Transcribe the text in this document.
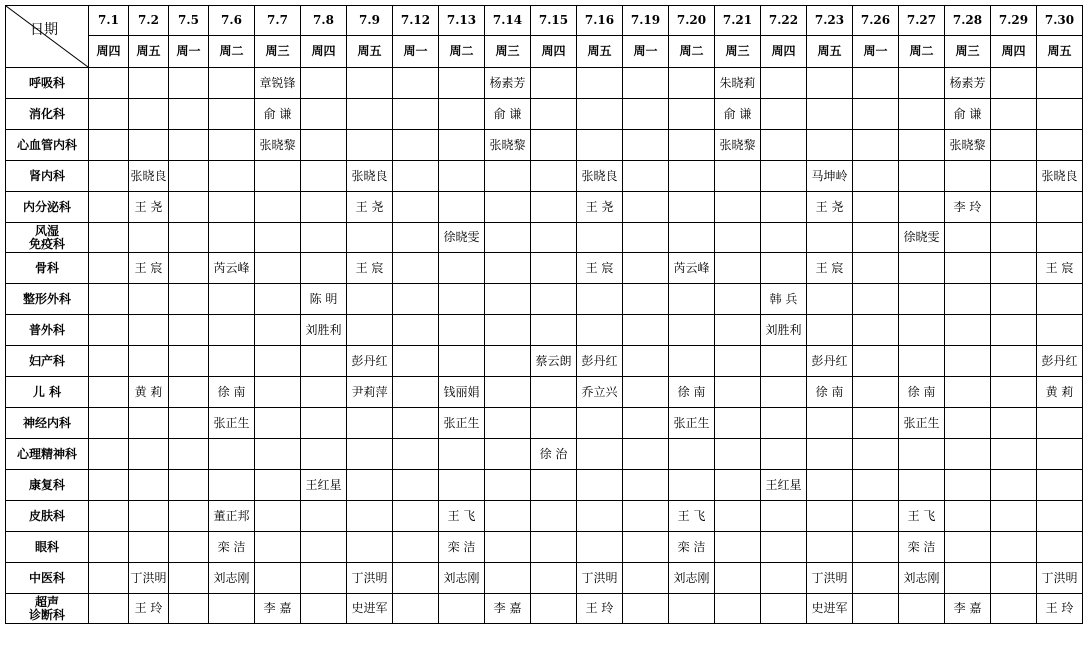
日期	7.1	7.2	7.5	7.6	7.7	7.8	7.9	7.12	7.13	7.14	7.15	7.16	7.19	7.20	7.21	7.22	7.23	7.26	7.27	7.28	7.29	7.30
	周四	周五	周一	周二	周三	周四	周五	周一	周二	周三	周四	周五	周一	周二	周三	周四	周五	周一	周二	周三	周四	周五

呼吸科					章锐锋					杨素芳					朱晓莉					杨素芳		

消化科					俞 谦					俞 谦					俞 谦					俞 谦		

心血管内科					张晓黎					张晓黎					张晓黎					张晓黎		

肾内科		张晓良					张晓良					张晓良					马坤岭					张晓良

内分泌科		王 尧					王 尧					王 尧					王 尧			李 玲		

风湿
免疫科									徐晓雯										徐晓雯			

骨科		王 宸		芮云峰			王 宸					王 宸		芮云峰			王 宸					王 宸

整形外科						陈 明										韩 兵						

普外科						刘胜利										刘胜利						

妇产科							彭丹红				蔡云朗	彭丹红					彭丹红					彭丹红

儿 科		黄 莉		徐 南			尹莉萍		钱丽娟			乔立兴		徐 南			徐 南		徐 南			黄 莉

神经内科				张正生					张正生					张正生					张正生			

心理精神科											徐 治											

康复科						王红星										王红星						

皮肤科				董正邦					王 飞					王 飞					王 飞			

眼科				栾 洁					栾 洁					栾 洁					栾 洁			

中医科		丁洪明		刘志刚			丁洪明		刘志刚			丁洪明		刘志刚			丁洪明		刘志刚			丁洪明

超声
诊断科		王 玲			李 嘉		史进军			李 嘉		王 玲					史进军			李 嘉		王 玲
